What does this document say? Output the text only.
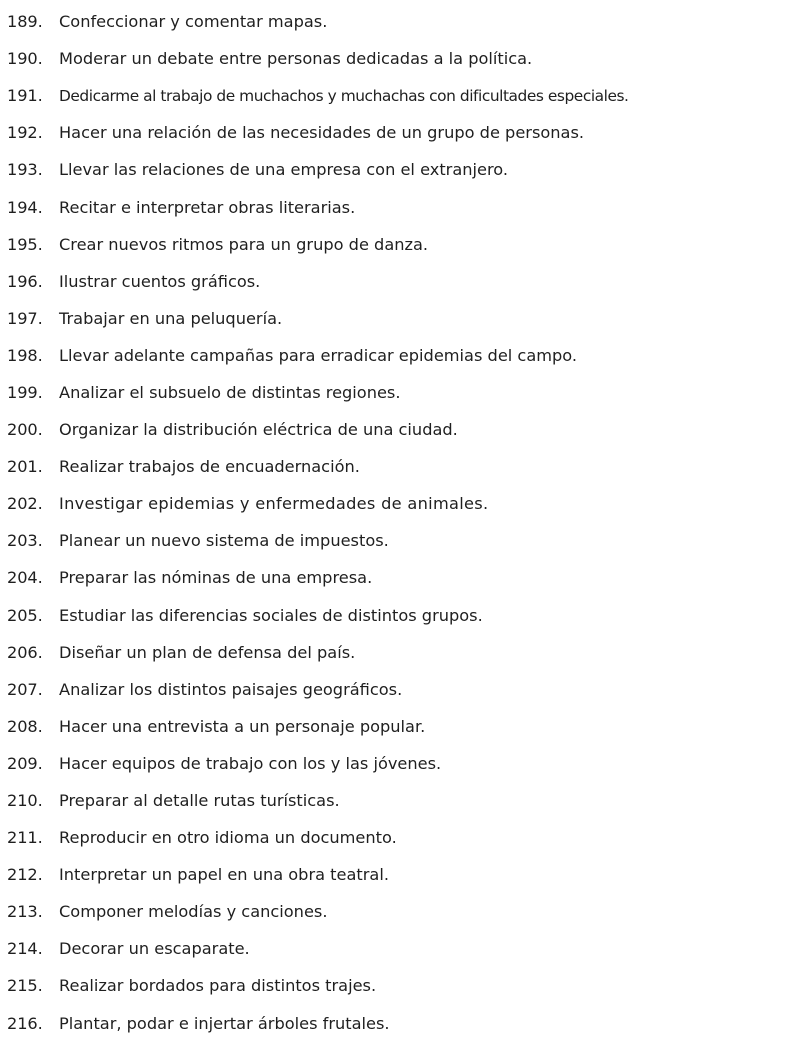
189.	Confeccionar y comentar mapas.
190.	Moderar un debate entre personas dedicadas a la política.
191.	Dedicarme al trabajo de muchachos y muchachas con dificultades especiales.
192.	Hacer una relación de las necesidades de un grupo de personas.
193.	Llevar las relaciones de una empresa con el extranjero.
194.	Recitar e interpretar obras literarias.
195.	Crear nuevos ritmos para un grupo de danza.
196.	Ilustrar cuentos gráficos.
197.	Trabajar en una peluquería.
198.	Llevar adelante campañas para erradicar epidemias del campo.
199.	Analizar el subsuelo de distintas regiones.
200.	Organizar la distribución eléctrica de una ciudad.
201.	Realizar trabajos de encuadernación.
202.	Investigar epidemias y enfermedades de animales.
203.	Planear un nuevo sistema de impuestos.
204.	Preparar las nóminas de una empresa.
205.	Estudiar las diferencias sociales de distintos grupos.
206.	Diseñar un plan de defensa del país.
207.	Analizar los distintos paisajes geográficos.
208.	Hacer una entrevista a un personaje popular.
209.	Hacer equipos de trabajo con los y las jóvenes.
210.	Preparar al detalle rutas turísticas.
211.	Reproducir en otro idioma un documento.
212.	Interpretar un papel en una obra teatral.
213.	Componer melodías y canciones.
214.	Decorar un escaparate.
215.	Realizar bordados para distintos trajes.
216.	Plantar, podar e injertar árboles frutales.
